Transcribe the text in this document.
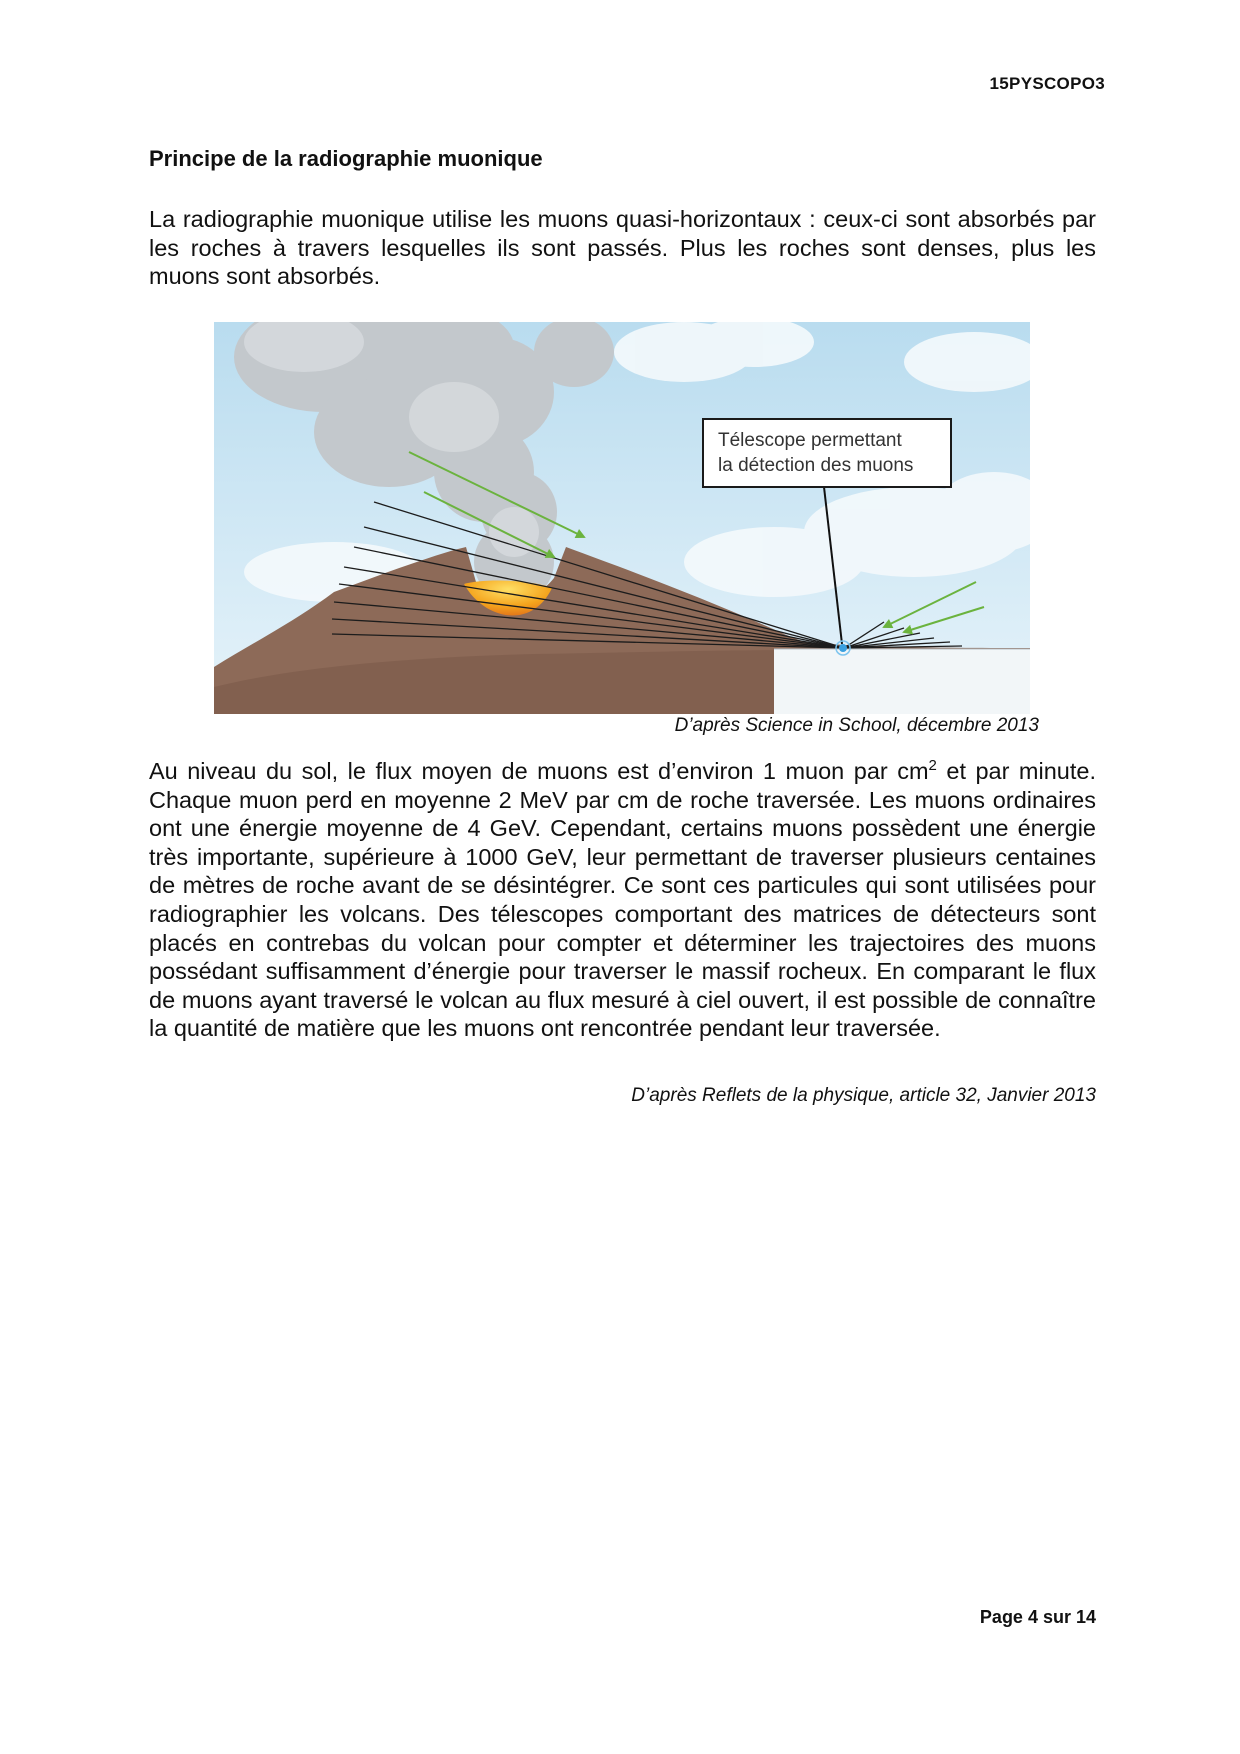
15PYSCOPO3
Principe de la radiographie muonique

La radiographie muonique utilise les muons quasi-horizontaux : ceux-ci sont absorbés par les roches à travers lesquelles ils sont passés. Plus les roches sont denses, plus les muons sont absorbés.

Télescope permettant
la détection des muons
D’après Science in School, décembre 2013

Au niveau du sol, le flux moyen de muons est d’environ 1 muon par $cm^2$ et par minute. Chaque muon perd en moyenne 2 MeV par cm de roche traversée. Les muons ordinaires ont une énergie moyenne de 4 GeV. Cependant, certains muons possèdent une énergie très importante, supérieure à 1000 GeV, leur permettant de traverser plusieurs centaines de mètres de roche avant de se désintégrer. Ce sont ces particules qui sont utilisées pour radiographier les volcans. Des télescopes comportant des matrices de détecteurs sont placés en contrebas du volcan pour compter et déterminer les trajectoires des muons possédant suffisamment d’énergie pour traverser le massif rocheux. En comparant le flux de muons ayant traversé le volcan au flux mesuré à ciel ouvert, il est possible de connaître la quantité de matière que les muons ont rencontrée pendant leur traversée.

D’après Reflets de la physique, article 32, Janvier 2013
Page 4 sur 14
